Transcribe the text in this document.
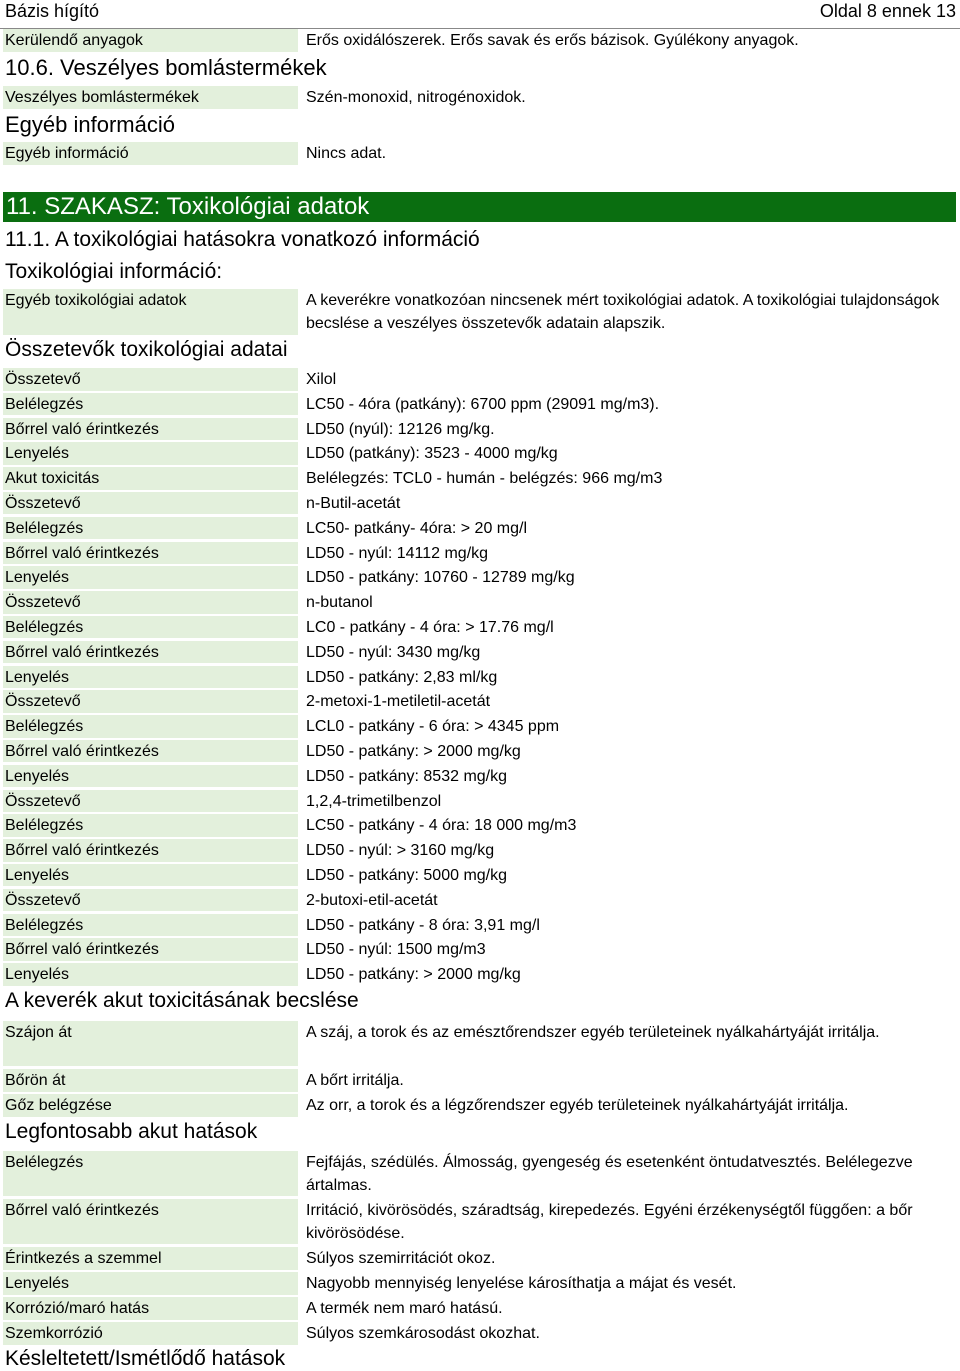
Bázis hígító	Oldal 8 ennek 13
Kerülendő anyagok	Erős oxidálószerek. Erős savak és erős bázisok. Gyúlékony anyagok.
10.6. Veszélyes bomlástermékek
Veszélyes bomlástermékek	Szén-monoxid, nitrogénoxidok.
Egyéb információ
Egyéb információ	Nincs adat.
11. SZAKASZ: Toxikológiai adatok
11.1. A toxikológiai hatásokra vonatkozó információ
Toxikológiai információ:
Egyéb toxikológiai adatok	A keverékre vonatkozóan nincsenek mért toxikológiai adatok. A toxikológiai tulajdonságok becslése a veszélyes összetevők adatain alapszik.
Összetevők toxikológiai adatai
Összetevő	Xilol
Belélegzés	LC50 - 4óra (patkány): 6700 ppm (29091 mg/m3).
Bőrrel való érintkezés	LD50 (nyúl): 12126 mg/kg.
Lenyelés	LD50 (patkány): 3523 - 4000 mg/kg
Akut toxicitás	Belélegzés: TCL0 - humán - belégzés: 966 mg/m3
Összetevő	n-Butil-acetát
Belélegzés	LC50- patkány- 4óra: > 20 mg/l
Bőrrel való érintkezés	LD50 - nyúl: 14112 mg/kg
Lenyelés	LD50 - patkány: 10760 - 12789 mg/kg
Összetevő	n-butanol
Belélegzés	LC0 - patkány - 4 óra: > 17.76 mg/l
Bőrrel való érintkezés	LD50 - nyúl: 3430 mg/kg
Lenyelés	LD50 - patkány: 2,83 ml/kg
Összetevő	2-metoxi-1-metiletil-acetát
Belélegzés	LCL0 - patkány - 6 óra: > 4345 ppm
Bőrrel való érintkezés	LD50 - patkány: > 2000 mg/kg
Lenyelés	LD50 - patkány: 8532 mg/kg
Összetevő	1,2,4-trimetilbenzol
Belélegzés	LC50 - patkány - 4 óra: 18 000 mg/m3
Bőrrel való érintkezés	LD50 - nyúl: > 3160 mg/kg
Lenyelés	LD50 - patkány: 5000 mg/kg
Összetevő	2-butoxi-etil-acetát
Belélegzés	LD50 - patkány - 8 óra: 3,91 mg/l
Bőrrel való érintkezés	LD50 - nyúl: 1500 mg/m3
Lenyelés	LD50 - patkány: > 2000 mg/kg
A keverék akut toxicitásának becslése
Szájon át	A száj, a torok és az emésztőrendszer egyéb területeinek nyálkahártyáját irritálja.
Bőrön át	A bőrt irritálja.
Gőz belégzése	Az orr, a torok és a légzőrendszer egyéb területeinek nyálkahártyáját irritálja.
Legfontosabb akut hatások
Belélegzés	Fejfájás, szédülés. Álmosság, gyengeség és esetenként öntudatvesztés. Belélegezve ártalmas.
Bőrrel való érintkezés	Irritáció, kivörösödés, száradtság, kirepedezés. Egyéni érzékenységtől függően: a bőr kivörösödése.
Érintkezés a szemmel	Súlyos szemirritációt okoz.
Lenyelés	Nagyobb mennyiség lenyelése károsíthatja a májat és vesét.
Korrózió/maró hatás	A termék nem maró hatású.
Szemkorrózió	Súlyos szemkárosodást okozhat.
Késleltetett/Ismétlődő hatások
